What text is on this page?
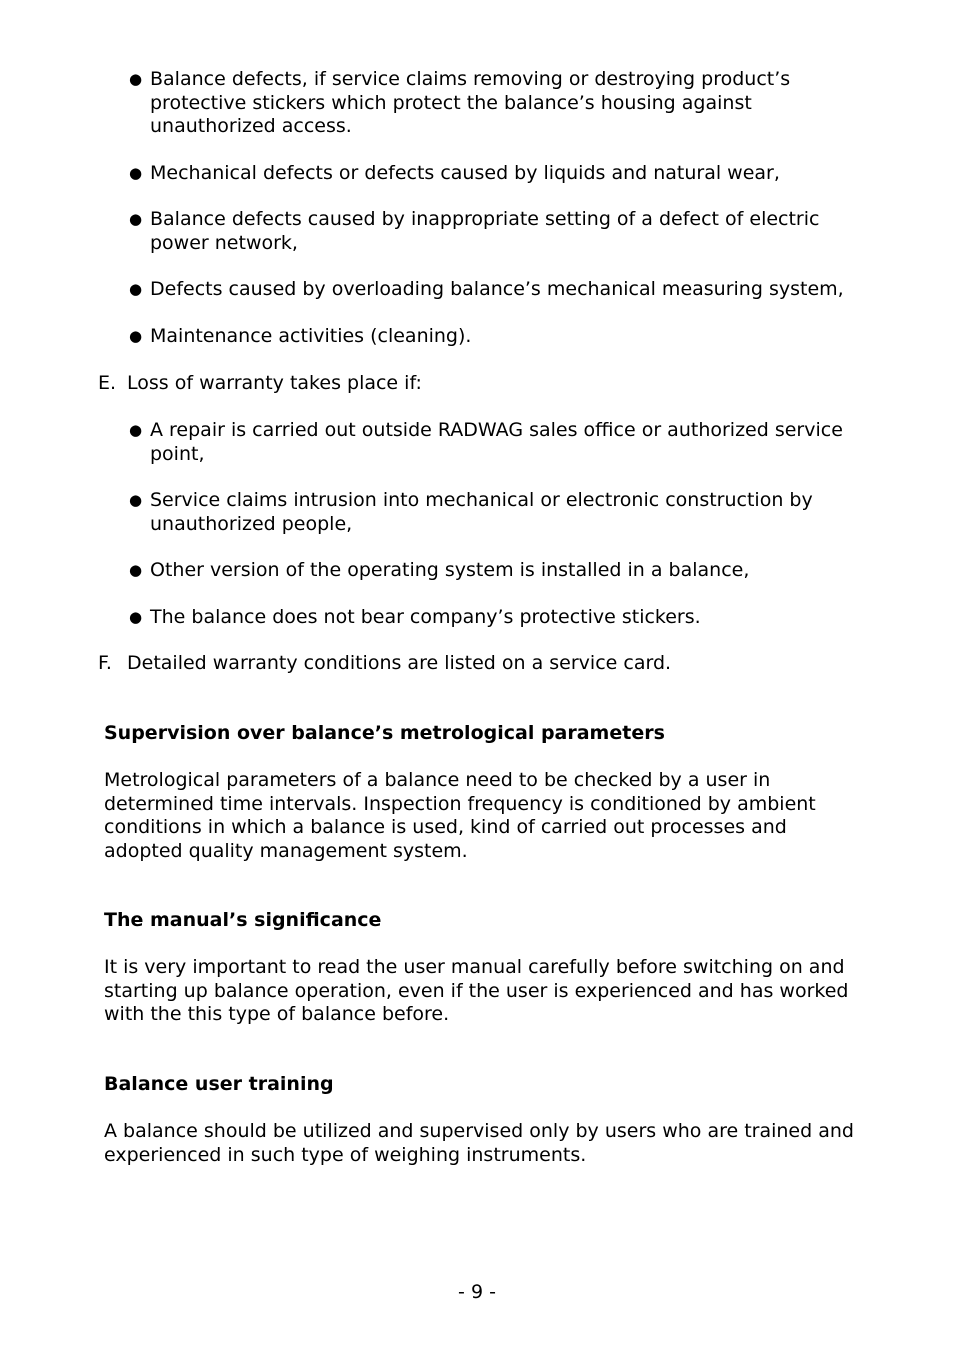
● Balance defects, if service claims removing or destroying product’s protective stickers which protect the balance’s housing against unauthorized access.
● Mechanical defects or defects caused by liquids and natural wear,
● Balance defects caused by inappropriate setting of a defect of electric power network,
● Defects caused by overloading balance’s mechanical measuring system,
● Maintenance activities (cleaning).
E. Loss of warranty takes place if:
● A repair is carried out outside RADWAG sales office or authorized service point,
● Service claims intrusion into mechanical or electronic construction by unauthorized people,
● Other version of the operating system is installed in a balance,
● The balance does not bear company’s protective stickers.
F. Detailed warranty conditions are listed on a service card.
Supervision over balance’s metrological parameters
Metrological parameters of a balance need to be checked by a user in determined time intervals. Inspection frequency is conditioned by ambient conditions in which a balance is used, kind of carried out processes and adopted quality management system.
The manual’s significance
It is very important to read the user manual carefully before switching on and starting up balance operation, even if the user is experienced and has worked with the this type of balance before.
Balance user training
A balance should be utilized and supervised only by users who are trained and experienced in such type of weighing instruments.
- 9 -
